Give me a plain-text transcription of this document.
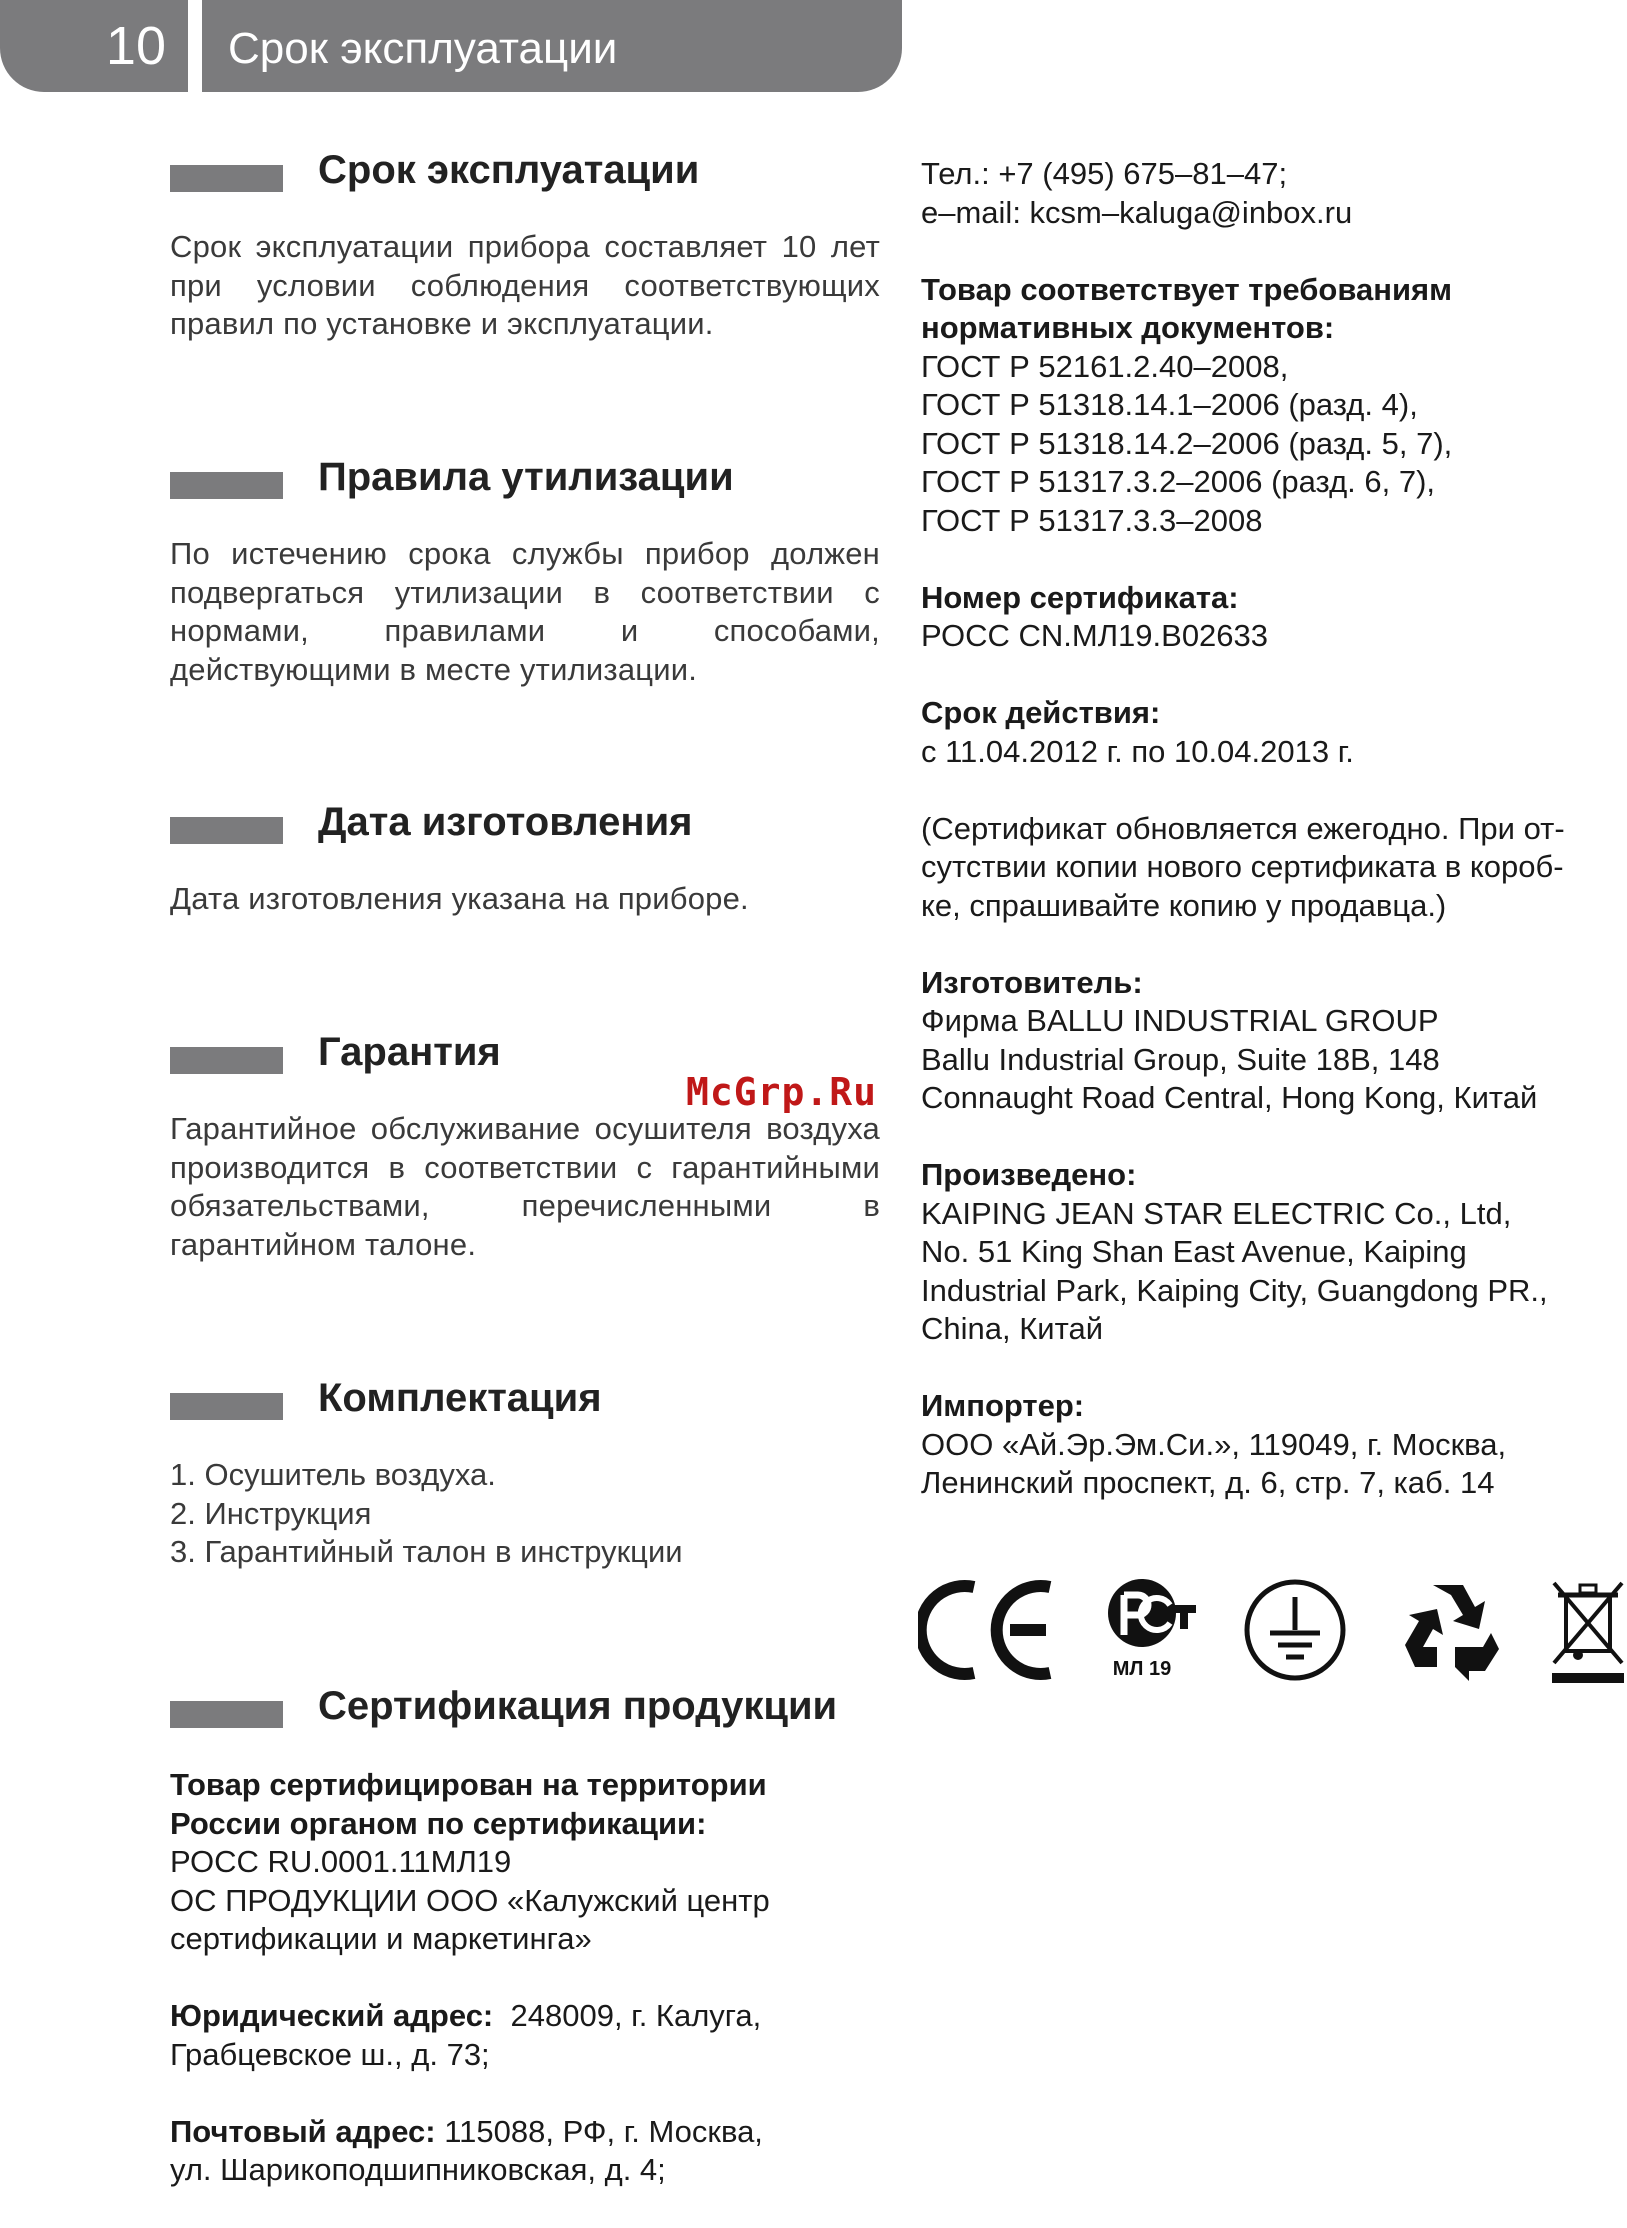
10	Срок эксплуатации
Срок эксплуатации
Срок эксплуатации прибора составляет 10 лет при условии соблюдения соответствующих правил по установке и эксплуатации.
Правила утилизации
По истечению срока службы прибор должен подвергаться утилизации в соответствии с нормами, правилами и способами, действующими в месте утилизации.
Дата изготовления
Дата изготовления указана на приборе.
Гарантия
Гарантийное обслуживание осушителя воздуха производится в соответствии с гарантийными обязательствами, перечисленными в гарантийном талоне.
Комплектация
1. Осушитель воздуха.
2. Инструкция
3. Гарантийный талон в инструкции
Сертификация продукции

Товар сертифицирован на территории
России органом по сертификации:
РОСС RU.0001.11МЛ19
ОС ПРОДУКЦИИ ООО «Калужский центр
сертификации и маркетинга»

Юридический адрес: 248009, г. Калуга,
Грабцевское ш., д. 73;

Почтовый адрес: 115088, РФ, г. Москва,
ул. Шарикоподшипниковская, д. 4;

Тел.: +7 (495) 675–81–47;
e–mail: kcsm–kaluga@inbox.ru

Товар соответствует требованиям
нормативных документов:
ГОСТ Р 52161.2.40–2008,
ГОСТ Р 51318.14.1–2006 (разд. 4),
ГОСТ Р 51318.14.2–2006 (разд. 5, 7),
ГОСТ Р 51317.3.2–2006 (разд. 6, 7),
ГОСТ Р 51317.3.3–2008

Номер сертификата:
РОСС CN.МЛ19.В02633

Срок действия:
с 11.04.2012 г. по 10.04.2013 г.

(Сертификат обновляется ежегодно. При от-
сутствии копии нового сертификата в короб-
ке, спрашивайте копию у продавца.)

Изготовитель:
Фирма BALLU INDUSTRIAL GROUP
Ballu Industrial Group, Suite 18B, 148
Connaught Road Central, Hong Kong, Китай

Произведено:
KAIPING JEAN STAR ELECTRIC Co., Ltd,
No. 51 King Shan East Avenue, Kaiping
Industrial Park, Kaiping City, Guangdong PR.,
China, Китай

Импортер:
ООО «Ай.Эр.Эм.Си.», 119049, г. Москва,
Ленинский проспект, д. 6, стр. 7, каб. 14

McGrp.Ru
МЛ 19
